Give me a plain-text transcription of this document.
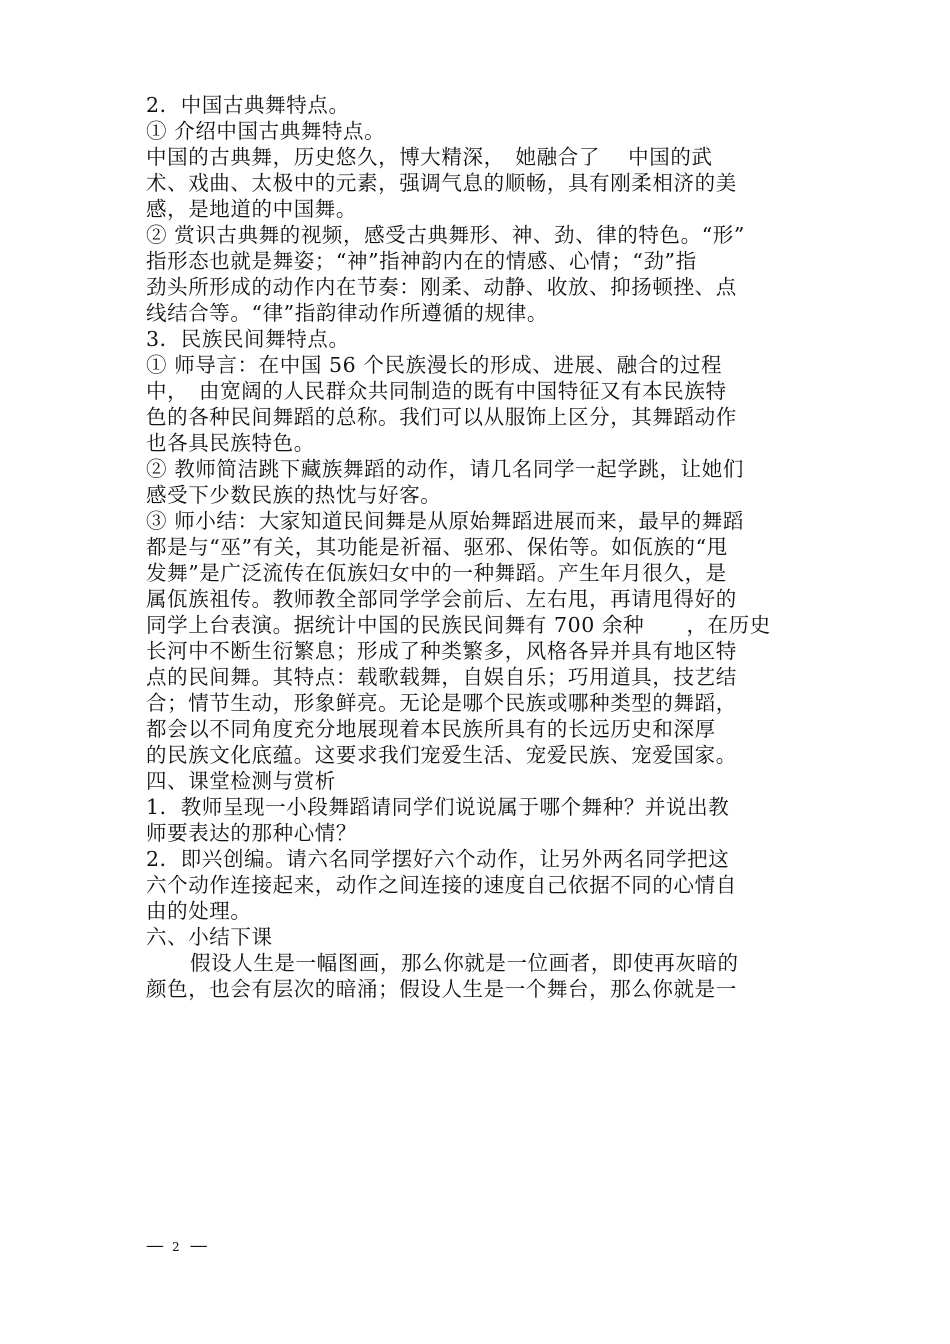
2．中国古典舞特点。
① 介绍中国古典舞特点。
中国的古典舞，历史悠久，博大精深，　她融合了　 中国的武
术、戏曲、太极中的元素，强调气息的顺畅，具有刚柔相济的美
感，是地道的中国舞。
② 赏识古典舞的视频，感受古典舞形、神、劲、律的特色。“形”
指形态也就是舞姿；“神”指神韵内在的情感、心情；“劲”指
劲头所形成的动作内在节奏：刚柔、动静、收放、抑扬顿挫、点
线结合等。“律”指韵律动作所遵循的规律。
3．民族民间舞特点。
① 师导言：在中国 56 个民族漫长的形成、进展、融合的过程
中，　由宽阔的人民群众共同制造的既有中国特征又有本民族特
色的各种民间舞蹈的总称。我们可以从服饰上区分，其舞蹈动作
也各具民族特色。
② 教师简洁跳下藏族舞蹈的动作，请几名同学一起学跳，让她们
感受下少数民族的热忱与好客。
③ 师小结：大家知道民间舞是从原始舞蹈进展而来，最早的舞蹈
都是与“巫”有关，其功能是祈福、驱邪、保佑等。如佤族的“甩
发舞”是广泛流传在佤族妇女中的一种舞蹈。产生年月很久，是
属佤族祖传。教师教全部同学学会前后、左右甩，再请甩得好的
同学上台表演。据统计中国的民族民间舞有 700 余种　　，在历史
长河中不断生衍繁息；形成了种类繁多，风格各异并具有地区特
点的民间舞。其特点：载歌载舞，自娱自乐；巧用道具，技艺结
合；情节生动，形象鲜亮。无论是哪个民族或哪种类型的舞蹈，
都会以不同角度充分地展现着本民族所具有的长远历史和深厚
的民族文化底蕴。这要求我们宠爱生活、宠爱民族、宠爱国家。
四、课堂检测与赏析
1．教师呈现一小段舞蹈请同学们说说属于哪个舞种？并说出教
师要表达的那种心情？
2．即兴创编。请六名同学摆好六个动作，让另外两名同学把这
六个动作连接起来，动作之间连接的速度自己依据不同的心情自
由的处理。
六、小结下课
假设人生是一幅图画，那么你就是一位画者，即使再灰暗的
颜色，也会有层次的暗涌；假设人生是一个舞台，那么你就是一
— 2 —
